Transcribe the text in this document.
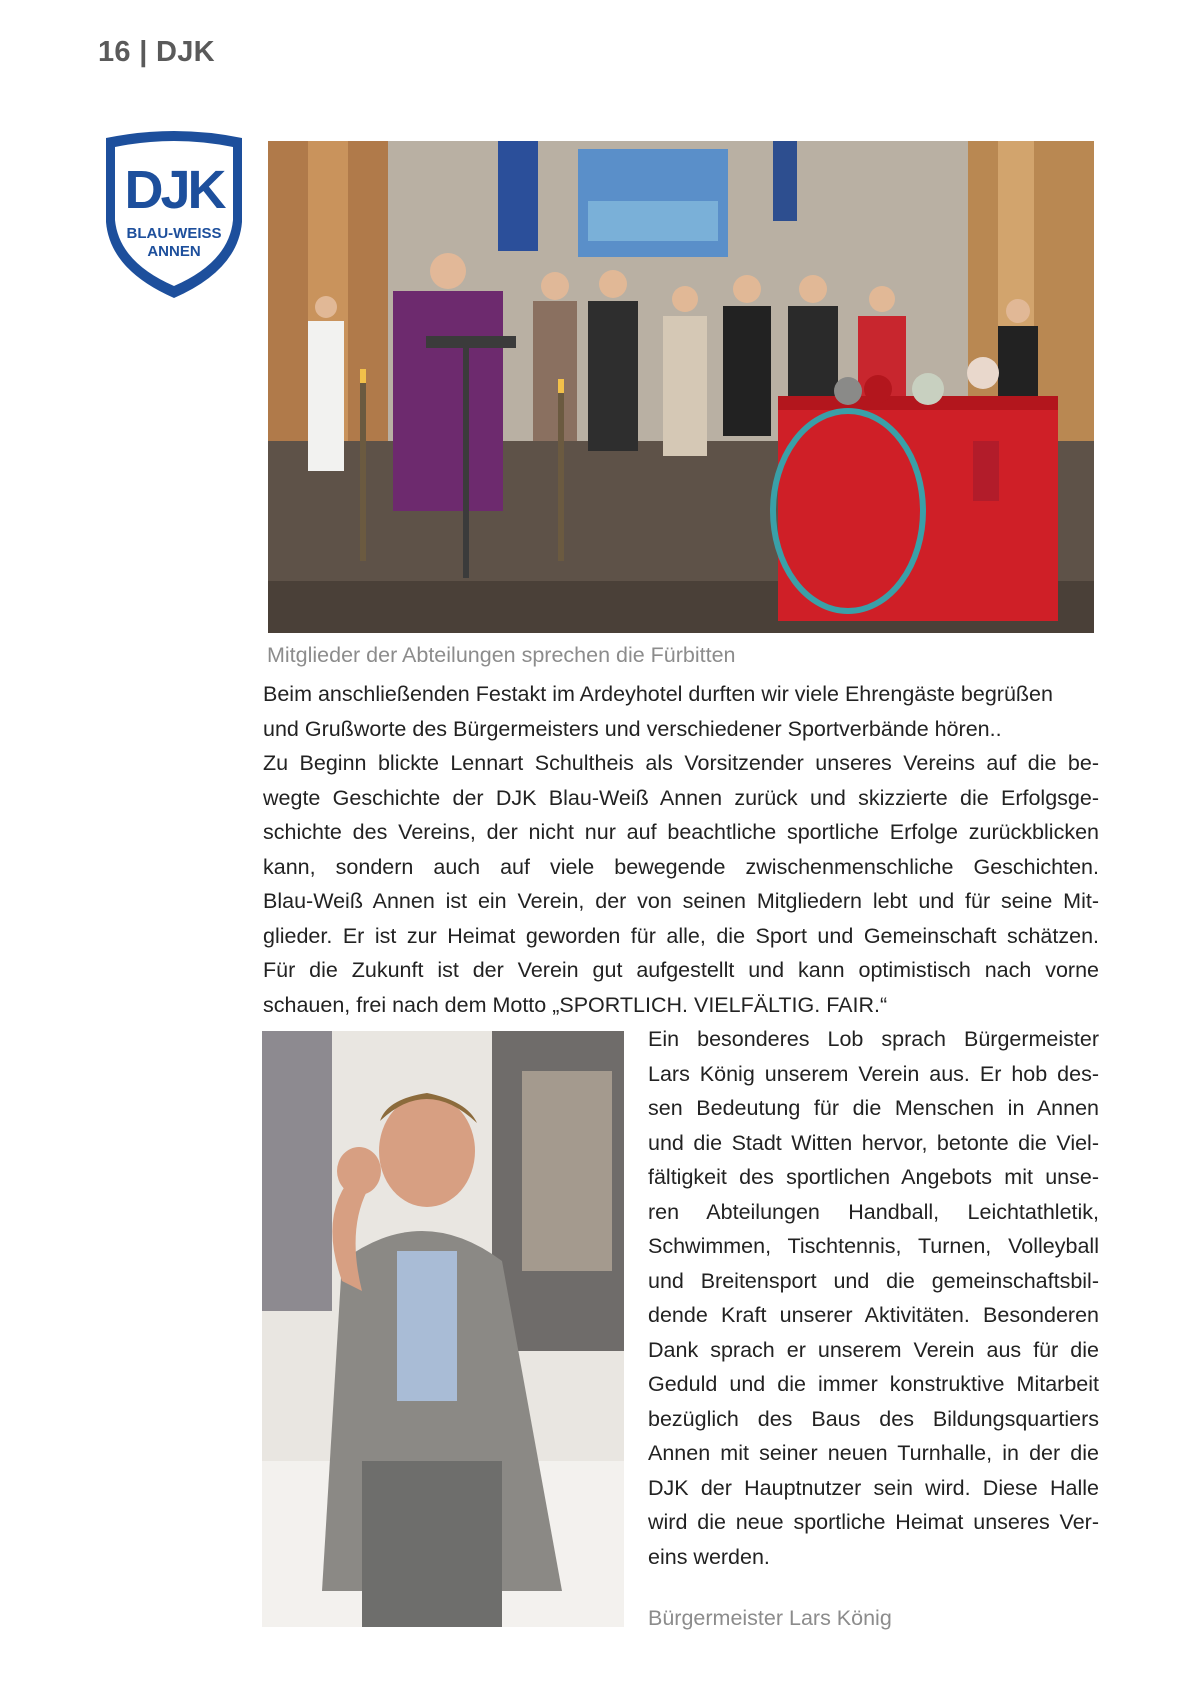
16 | DJK
DJK
BLAU-WEISS
ANNEN
Mitglieder der Abteilungen sprechen die Fürbitten
Beim anschließenden Festakt im Ardeyhotel durften wir viele Ehrengäste begrüßen
und Grußworte des Bürgermeisters und verschiedener Sportverbände hören..
Zu Beginn blickte Lennart Schultheis als Vorsitzender unseres Vereins auf die be-
wegte Geschichte der DJK Blau-Weiß Annen zurück und skizzierte die Erfolgsge-
schichte des Vereins, der nicht nur auf beachtliche sportliche Erfolge zurückblicken
kann, sondern auch auf viele bewegende zwischenmenschliche Geschichten.
Blau-Weiß Annen ist ein Verein, der von seinen Mitgliedern lebt und für seine Mit-
glieder. Er ist zur Heimat geworden für alle, die Sport und Gemeinschaft schätzen.
Für die Zukunft ist der Verein gut aufgestellt und kann optimistisch nach vorne
schauen, frei nach dem Motto „SPORTLICH. VIELFÄLTIG. FAIR.“
Ein besonderes Lob sprach Bürgermeister
Lars König unserem Verein aus. Er hob des-
sen Bedeutung für die Menschen in Annen
und die Stadt Witten hervor, betonte die Viel-
fältigkeit des sportlichen Angebots mit unse-
ren Abteilungen Handball, Leichtathletik,
Schwimmen, Tischtennis, Turnen, Volleyball
und Breitensport und die gemeinschaftsbil-
dende Kraft unserer Aktivitäten. Besonderen
Dank sprach er unserem Verein aus für die
Geduld und die immer konstruktive Mitarbeit
bezüglich des Baus des Bildungsquartiers
Annen mit seiner neuen Turnhalle, in der die
DJK der Hauptnutzer sein wird. Diese Halle
wird die neue sportliche Heimat unseres Ver-
eins werden.
Bürgermeister Lars König
